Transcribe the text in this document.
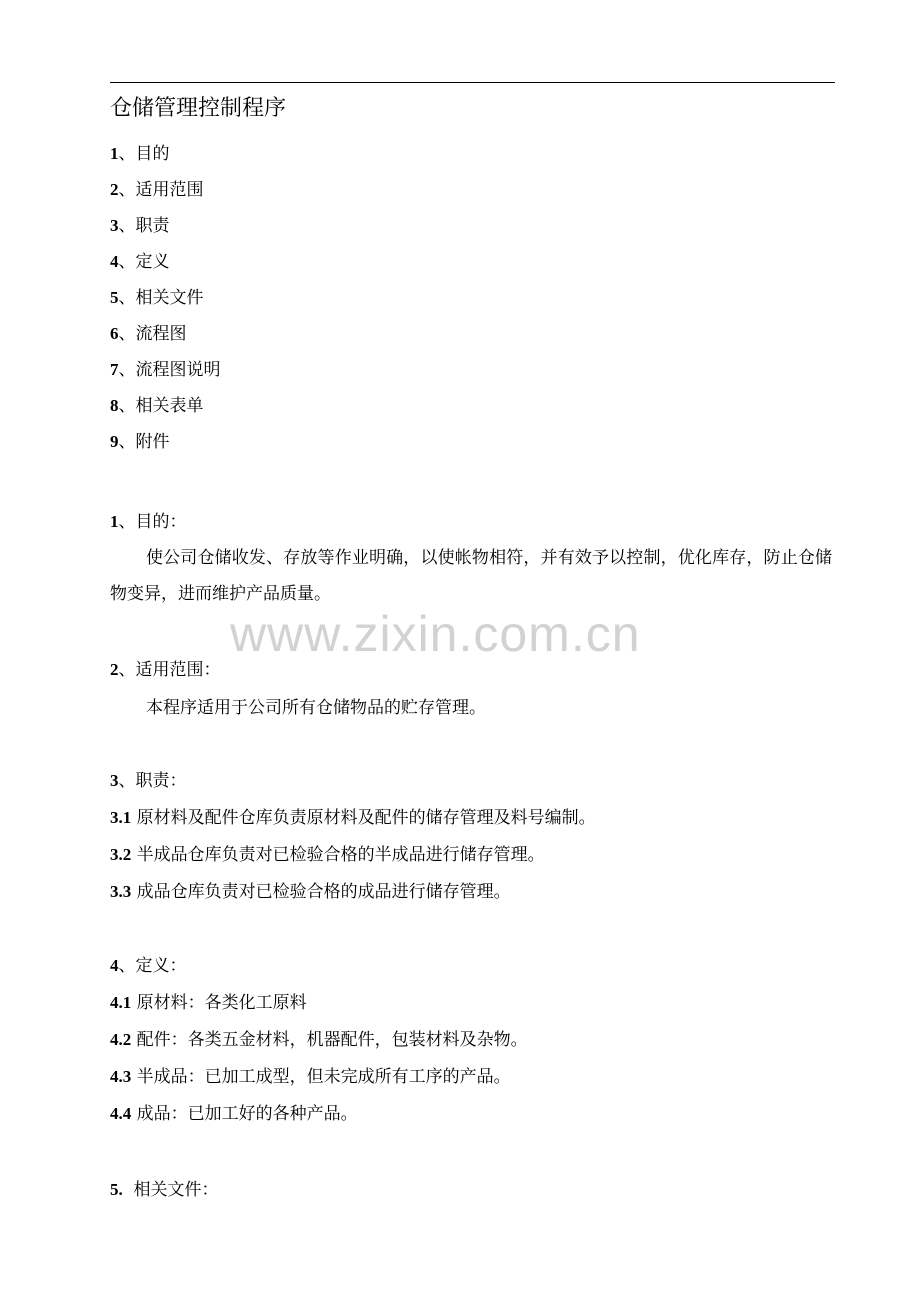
仓储管理控制程序
1、目的
2、适用范围
3、职责
4、定义
5、相关文件
6、流程图
7、流程图说明
8、相关表单
9、附件
1、目的：
使公司仓储收发、存放等作业明确，以使帐物相符，并有效予以控制，优化库存，防止仓储物变异，进而维护产品质量。
www.zixin.com.cn
2、适用范围：
本程序适用于公司所有仓储物品的贮存管理。
3、职责：
3.1 原材料及配件仓库负责原材料及配件的储存管理及料号编制。
3.2 半成品仓库负责对已检验合格的半成品进行储存管理。
3.3 成品仓库负责对已检验合格的成品进行储存管理。
4、定义：
4.1 原材料：各类化工原料
4.2 配件：各类五金材料，机器配件，包装材料及杂物。
4.3 半成品：已加工成型，但未完成所有工序的产品。
4.4 成品：已加工好的各种产品。
5.  相关文件：
